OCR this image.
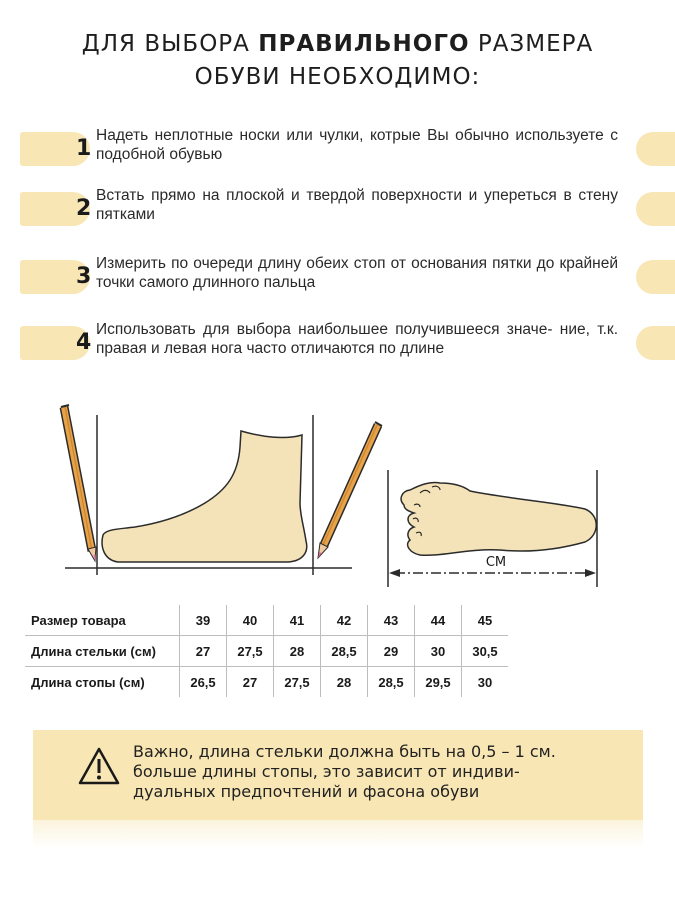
ДЛЯ ВЫБОРА ПРАВИЛЬНОГО РАЗМЕРА
ОБУВИ НЕОБХОДИМО:
1
Надеть неплотные носки или чулки, котрые Вы обычно используете с подобной обувью
2
Встать прямо на плоской и твердой поверхности и упереться в стену пятками
3
Измерить по очереди длину обеих стоп от основания пятки до крайней точки самого длинного пальца
4
Использовать для выбора наибольшее получившееся значе- ние, т.к. правая и левая нога часто отличаются по длине
СМ
Размер товара	39	40	41	42	43	44	45
Длина стельки (см)	27	27,5	28	28,5	29	30	30,5
Длина стопы (см)	26,5	27	27,5	28	28,5	29,5	30
Важно, длина стельки должна быть на 0,5 – 1 см.
больше длины стопы, это зависит от индиви-
дуальных предпочтений и фасона обуви
